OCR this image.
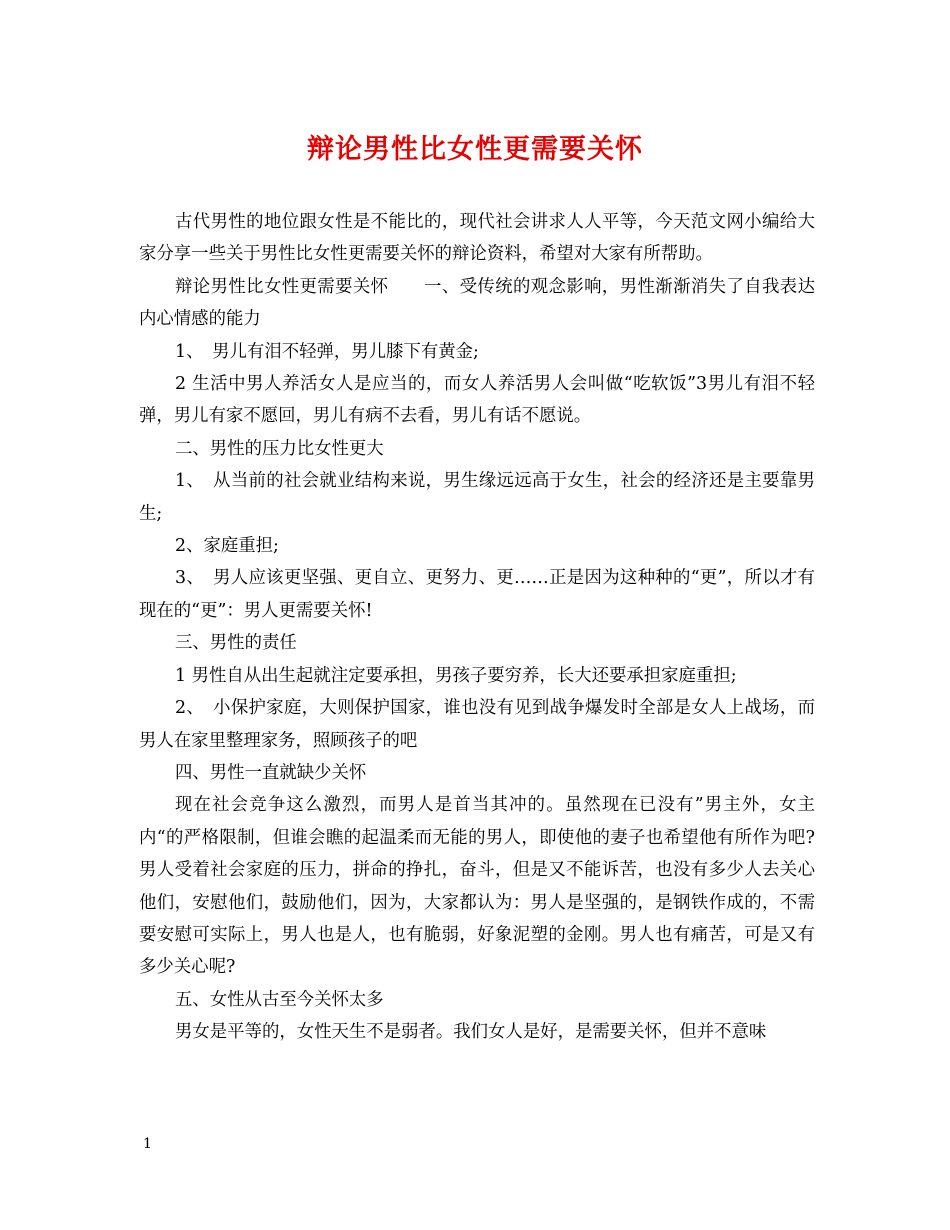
辩论男性比女性更需要关怀

古代男性的地位跟女性是不能比的，现代社会讲求人人平等，今天范文网小编给大家分享一些关于男性比女性更需要关怀的辩论资料，希望对大家有所帮助。

辩论男性比女性更需要关怀　　一、受传统的观念影响，男性渐渐消失了自我表达内心情感的能力

1、　男儿有泪不轻弹，男儿膝下有黄金;

2 生活中男人养活女人是应当的，而女人养活男人会叫做“吃软饭”3男儿有泪不轻弹，男儿有家不愿回，男儿有病不去看，男儿有话不愿说。

二、男性的压力比女性更大

1、　从当前的社会就业结构来说，男生缘远远高于女生，社会的经济还是主要靠男生;

2、家庭重担;

3、　男人应该更坚强、更自立、更努力、更……正是因为这种种的“更”，所以才有现在的“更”：男人更需要关怀!

三、男性的责任

1 男性自从出生起就注定要承担，男孩子要穷养，长大还要承担家庭重担;

2、　小保护家庭，大则保护国家，谁也没有见到战争爆发时全部是女人上战场，而男人在家里整理家务，照顾孩子的吧

四、男性一直就缺少关怀

现在社会竞争这么激烈，而男人是首当其冲的。虽然现在已没有”男主外，女主内“的严格限制，但谁会瞧的起温柔而无能的男人，即使他的妻子也希望他有所作为吧?男人受着社会家庭的压力，拼命的挣扎，奋斗，但是又不能诉苦，也没有多少人去关心他们，安慰他们，鼓励他们，因为，大家都认为：男人是坚强的，是钢铁作成的，不需要安慰可实际上，男人也是人，也有脆弱，好象泥塑的金刚。男人也有痛苦，可是又有多少关心呢?

五、女性从古至今关怀太多

男女是平等的，女性天生不是弱者。我们女人是好，是需要关怀，但并不意味

1
